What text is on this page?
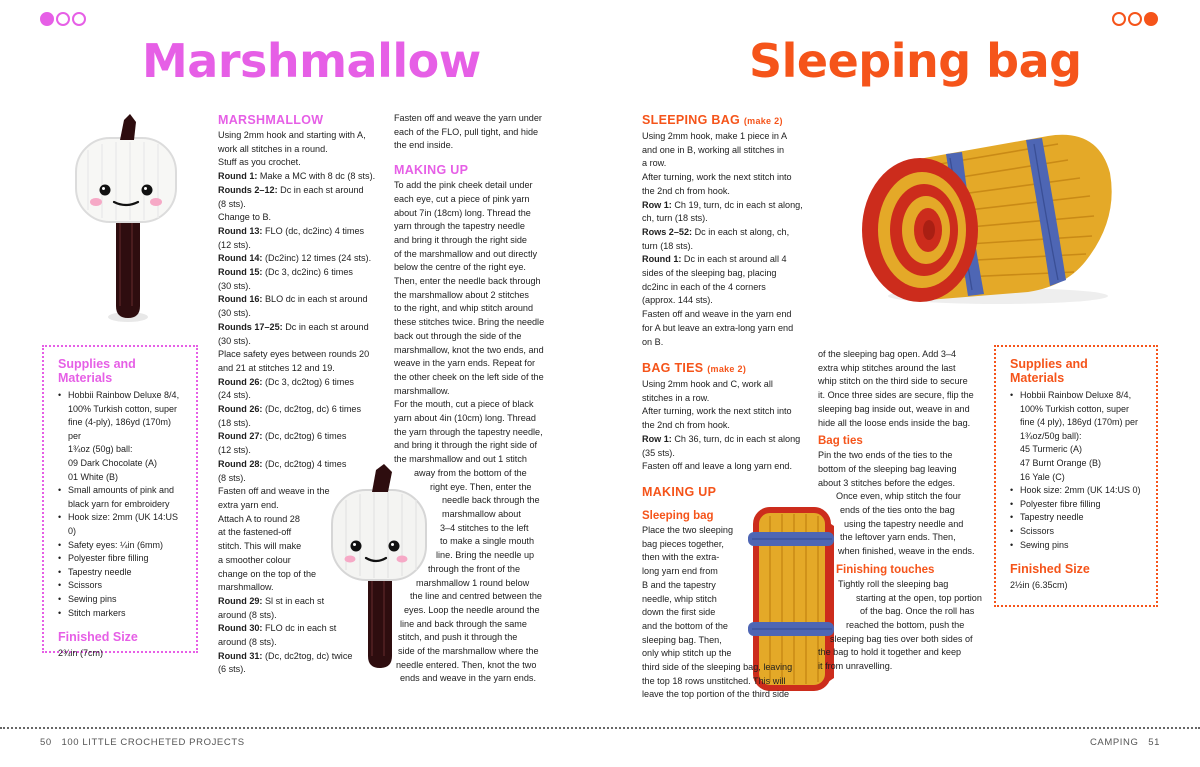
Marshmallow	Sleeping bag
MARSHMALLOW

Using 2mm hook and starting with A,

work all stitches in a round.

Stuff as you crochet.

Round 1: Make a MC with 8 dc (8 sts).

Rounds 2–12: Dc in each st around

(8 sts).

Change to B.

Round 13: FLO (dc, dc2inc) 4 times

(12 sts).

Round 14: (Dc2inc) 12 times (24 sts).

Round 15: (Dc 3, dc2inc) 6 times

(30 sts).

Round 16: BLO dc in each st around

(30 sts).

Rounds 17–25: Dc in each st around

(30 sts).

Place safety eyes between rounds 20

and 21 at stitches 12 and 19.

Round 26: (Dc 3, dc2tog) 6 times

(24 sts).

Round 26: (Dc, dc2tog, dc) 6 times

(18 sts).

Round 27: (Dc, dc2tog) 6 times

(12 sts).

Round 28: (Dc, dc2tog) 4 times

(8 sts).

Fasten off and weave in the

extra yarn end.

Attach A to round 28

at the fastened-off

stitch. This will make

a smoother colour

change on the top of the

marshmallow.

Round 29: Sl st in each st

around (8 sts).

Round 30: FLO dc in each st

around (8 sts).

Round 31: (Dc, dc2tog, dc) twice

(6 sts).

Fasten off and weave the yarn under

each of the FLO, pull tight, and hide

the end inside.

MAKING UP

To add the pink cheek detail under

each eye, cut a piece of pink yarn

about 7in (18cm) long. Thread the

yarn through the tapestry needle

and bring it through the right side

of the marshmallow and out directly

below the centre of the right eye.

Then, enter the needle back through

the marshmallow about 2 stitches

to the right, and whip stitch around

these stitches twice. Bring the needle

back out through the side of the

marshmallow, knot the two ends, and

weave in the yarn ends. Repeat for

the other cheek on the left side of the

marshmallow.

For the mouth, cut a piece of black

yarn about 4in (10cm) long. Thread

the yarn through the tapestry needle,

and bring it through the right side of

the marshmallow and out 1 stitch

away from the bottom of the

right eye. Then, enter the

needle back through the

marshmallow about

3–4 stitches to the left

to make a single mouth

line. Bring the needle up

through the front of the

marshmallow 1 round below

the line and centred between the

eyes. Loop the needle around the

line and back through the same

stitch, and push it through the

side of the marshmallow where the

needle entered. Then, knot the two

ends and weave in the yarn ends.

Supplies and
Materials
• Hobbii Rainbow Deluxe 8/4,
100% Turkish cotton, super
fine (4-ply), 186yd (170m) per
1¾oz (50g) ball:
09 Dark Chocolate (A)
01 White (B)
• Small amounts of pink and
black yarn for embroidery
• Hook size: 2mm (UK 14:US 0)
• Safety eyes: ¼in (6mm)
• Polyester fibre filling
• Tapestry needle
• Scissors
• Sewing pins
• Stitch markers
Finished Size
2¾in (7cm)
SLEEPING BAG (make 2)

Using 2mm hook, make 1 piece in A

and one in B, working all stitches in

a row.

After turning, work the next stitch into

the 2nd ch from hook.

Row 1: Ch 19, turn, dc in each st along,

ch, turn (18 sts).

Rows 2–52: Dc in each st along, ch,

turn (18 sts).

Round 1: Dc in each st around all 4

sides of the sleeping bag, placing

dc2inc in each of the 4 corners

(approx. 144 sts).

Fasten off and weave in the yarn end

for A but leave an extra-long yarn end

on B.

BAG TIES (make 2)

Using 2mm hook and C, work all

stitches in a row.

After turning, work the next stitch into

the 2nd ch from hook.

Row 1: Ch 36, turn, dc in each st along

(35 sts).

Fasten off and leave a long yarn end.

MAKING UP
Sleeping bag

Place the two sleeping

bag pieces together,

then with the extra-

long yarn end from

B and the tapestry

needle, whip stitch

down the first side

and the bottom of the

sleeping bag. Then,

only whip stitch up the

third side of the sleeping bag, leaving

the top 18 rows unstitched. This will

leave the top portion of the third side

of the sleeping bag open. Add 3–4

extra whip stitches around the last

whip stitch on the third side to secure

it. Once three sides are secure, flip the

sleeping bag inside out, weave in and

hide all the loose ends inside the bag.

Bag ties

Pin the two ends of the ties to the

bottom of the sleeping bag leaving

about 3 stitches before the edges.

Once even, whip stitch the four

ends of the ties onto the bag

using the tapestry needle and

the leftover yarn ends. Then,

when finished, weave in the ends.

Finishing touches

Tightly roll the sleeping bag

starting at the open, top portion

of the bag. Once the roll has

reached the bottom, push the

sleeping bag ties over both sides of

the bag to hold it together and keep

it from unravelling.

Supplies and
Materials
• Hobbii Rainbow Deluxe 8/4,
100% Turkish cotton, super
fine (4 ply), 186yd (170m) per
1¾oz/50g ball):
45 Turmeric (A)
47 Burnt Orange (B)
16 Yale (C)
• Hook size: 2mm (UK 14:US 0)
• Polyester fibre filling
• Tapestry needle
• Scissors
• Sewing pins
Finished Size
2½in (6.35cm)
50 100 LITTLE CROCHETED PROJECTS	CAMPING 51
